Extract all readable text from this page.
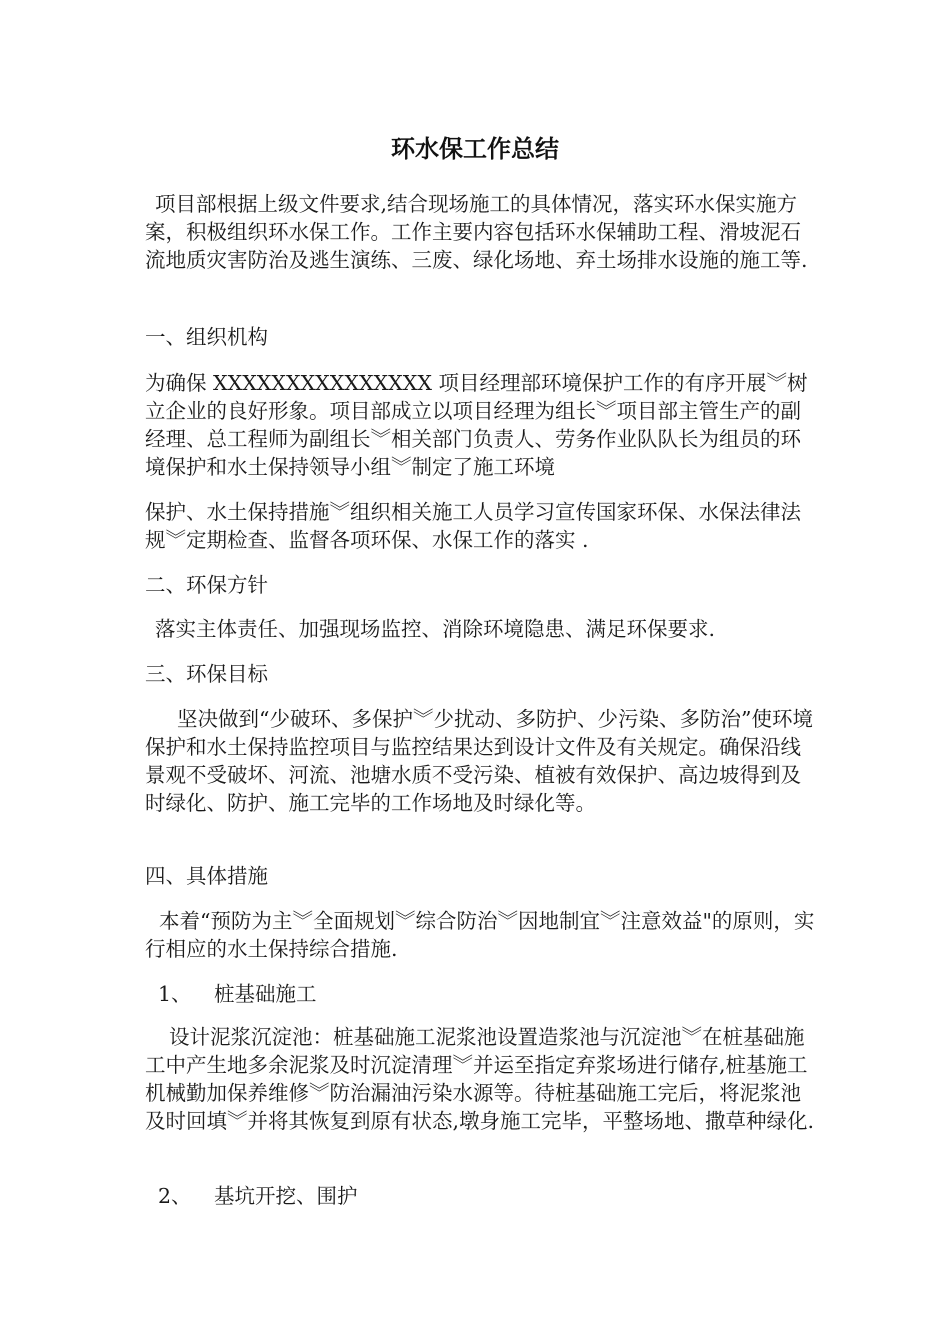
环水保工作总结

项目部根据上级文件要求,结合现场施工的具体情况，落实环水保实施方案，积极组织环水保工作。工作主要内容包括环水保辅助工程、滑坡泥石流地质灾害防治及逃生演练、三废、绿化场地、弃土场排水设施的施工等.

一、组织机构

为确保 XXXXXXXXXXXXXXX 项目经理部环境保护工作的有序开展︾树立企业的良好形象。项目部成立以项目经理为组长︾项目部主管生产的副经理、总工程师为副组长︾相关部门负责人、劳务作业队队长为组员的环境保护和水土保持领导小组︾制定了施工环境

保护、水土保持措施︾组织相关施工人员学习宣传国家环保、水保法律法规︾定期检查、监督各项环保、水保工作的落实 .

二、环保方针

落实主体责任、加强现场监控、消除环境隐患、满足环保要求.

三、环保目标

坚决做到“少破环、多保护︾少扰动、多防护、少污染、多防治”使环境保护和水土保持监控项目与监控结果达到设计文件及有关规定。确保沿线景观不受破坏、河流、池塘水质不受污染、植被有效保护、高边坡得到及时绿化、防护、施工完毕的工作场地及时绿化等。

四、具体措施

本着“预防为主︾全面规划︾综合防治︾因地制宜︾注意效益"的原则，实行相应的水土保持综合措施.

1、 桩基础施工

设计泥浆沉淀池：桩基础施工泥浆池设置造浆池与沉淀池︾在桩基础施工中产生地多余泥浆及时沉淀清理︾并运至指定弃浆场进行储存,桩基施工机械勤加保养维修︾防治漏油污染水源等。待桩基础施工完后，将泥浆池及时回填︾并将其恢复到原有状态,墩身施工完毕，平整场地、撒草种绿化.

2、 基坑开挖、围护
